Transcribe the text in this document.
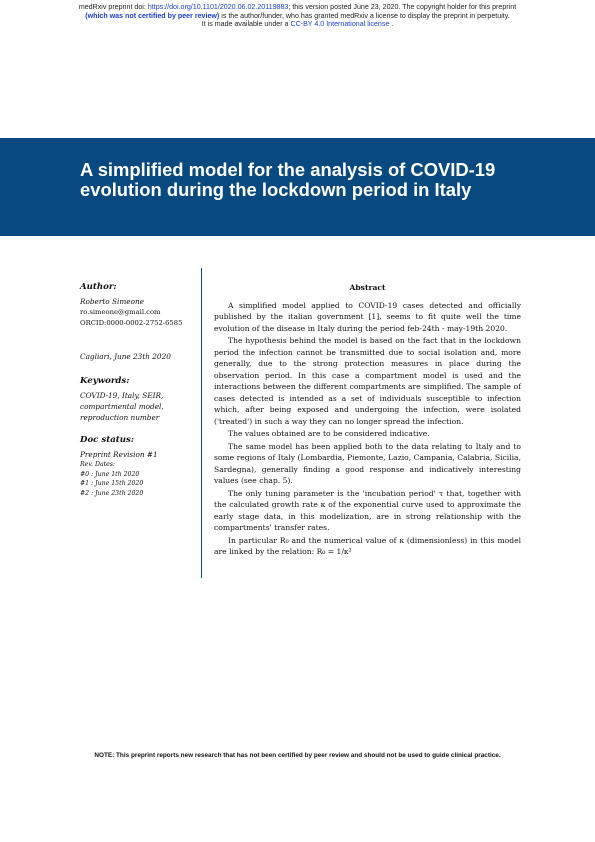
medRxiv preprint doi: https://doi.org/10.1101/2020.06.02.20119883; this version posted June 23, 2020. The copyright holder for this preprint
(which was not certified by peer review) is the author/funder, who has granted medRxiv a license to display the preprint in perpetuity.
It is made available under a CC-BY 4.0 International license .
A simplified model for the analysis of COVID-19 evolution during the lockdown period in Italy
Author:
Roberto Simeone
ro.simeone@gmail.com
ORCID:0000-0002-2752-6585
Cagliari, June 23th 2020
Keywords:
COVID-19, Italy, SEIR, compartmental model, reproduction number
Doc status:
Preprint Revision #1
Rev. Dates:
#0 : June 1th 2020
#1 : June 15th 2020
#2 : June 23th 2020
Abstract

A simplified model applied to COVID-19 cases detected and officially published by the italian government [1], seems to fit quite well the time evolution of the disease in Italy during the period feb-24th - may-19th 2020.

The hypothesis behind the model is based on the fact that in the lockdown period the infection cannot be transmitted due to social isolation and, more generally, due to the strong protection measures in place during the observation period. In this case a compartment model is used and the interactions between the different compartments are simplified. The sample of cases detected is intended as a set of individuals susceptible to infection which, after being exposed and undergoing the infection, were isolated ('treated') in such a way they can no longer spread the infection.

The values obtained are to be considered indicative.

The same model has been applied both to the data relating to Italy and to some regions of Italy (Lombardia, Piemonte, Lazio, Campania, Calabria, Sicilia, Sardegna), generally finding a good response and indicatively interesting values (see chap. 5).

The only tuning parameter is the 'incubation period' τ that, together with the calculated growth rate κ of the exponential curve used to approximate the early stage data, in this modelization, are in strong relationship with the compartments' transfer rates.

In particular R₀ and the numerical value of κ (dimensionless) in this model are linked by the relation: R₀ = 1/κ²

NOTE: This preprint reports new research that has not been certified by peer review and should not be used to guide clinical practice.
